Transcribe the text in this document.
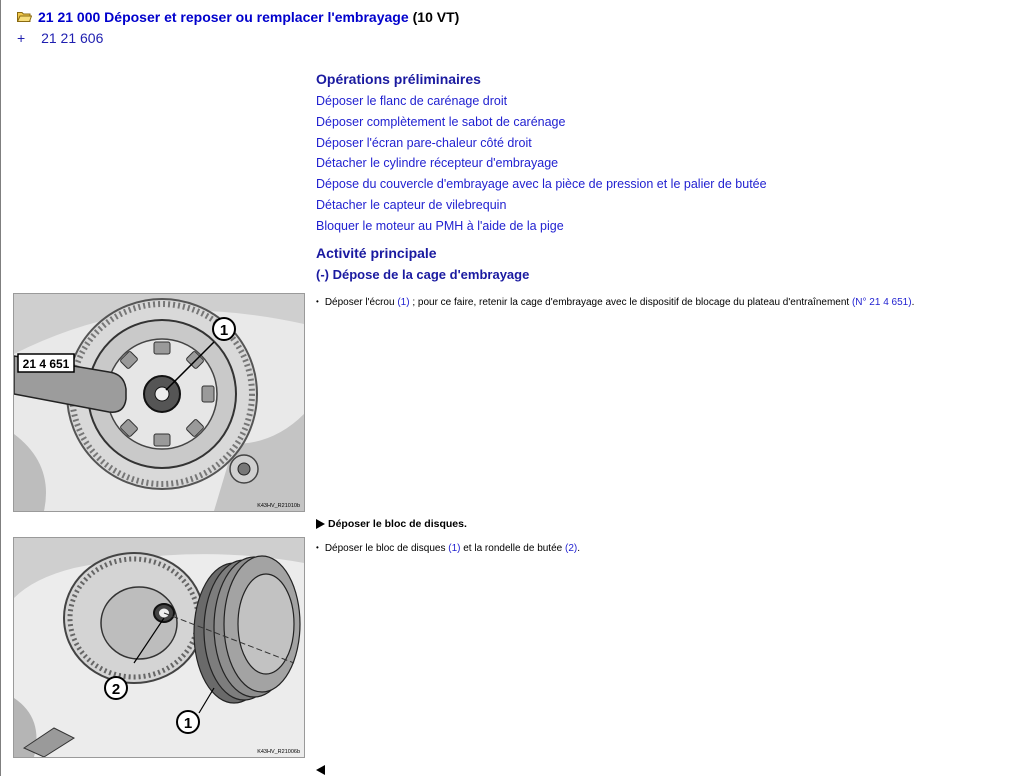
21 21 000 Déposer et reposer ou remplacer l'embrayage (10 VT)
+ 21 21 606
Opérations préliminaires
Déposer le flanc de carénage droit
Déposer complètement le sabot de carénage
Déposer l'écran pare-chaleur côté droit
Détacher le cylindre récepteur d'embrayage
Dépose du couvercle d'embrayage avec la pièce de pression et le palier de butée
Détacher le capteur de vilebrequin
Bloquer le moteur au PMH à l'aide de la pige
Activité principale
(-) Dépose de la cage d'embrayage
21 4 651
1
K43HV_R21010b
• Déposer l'écrou (1) ; pour ce faire, retenir la cage d'embrayage avec le dispositif de blocage du plateau d'entraînement (N° 21 4 651).
Déposer le bloc de disques.
2
1
K43HV_R21006b
• Déposer le bloc de disques (1) et la rondelle de butée (2).
